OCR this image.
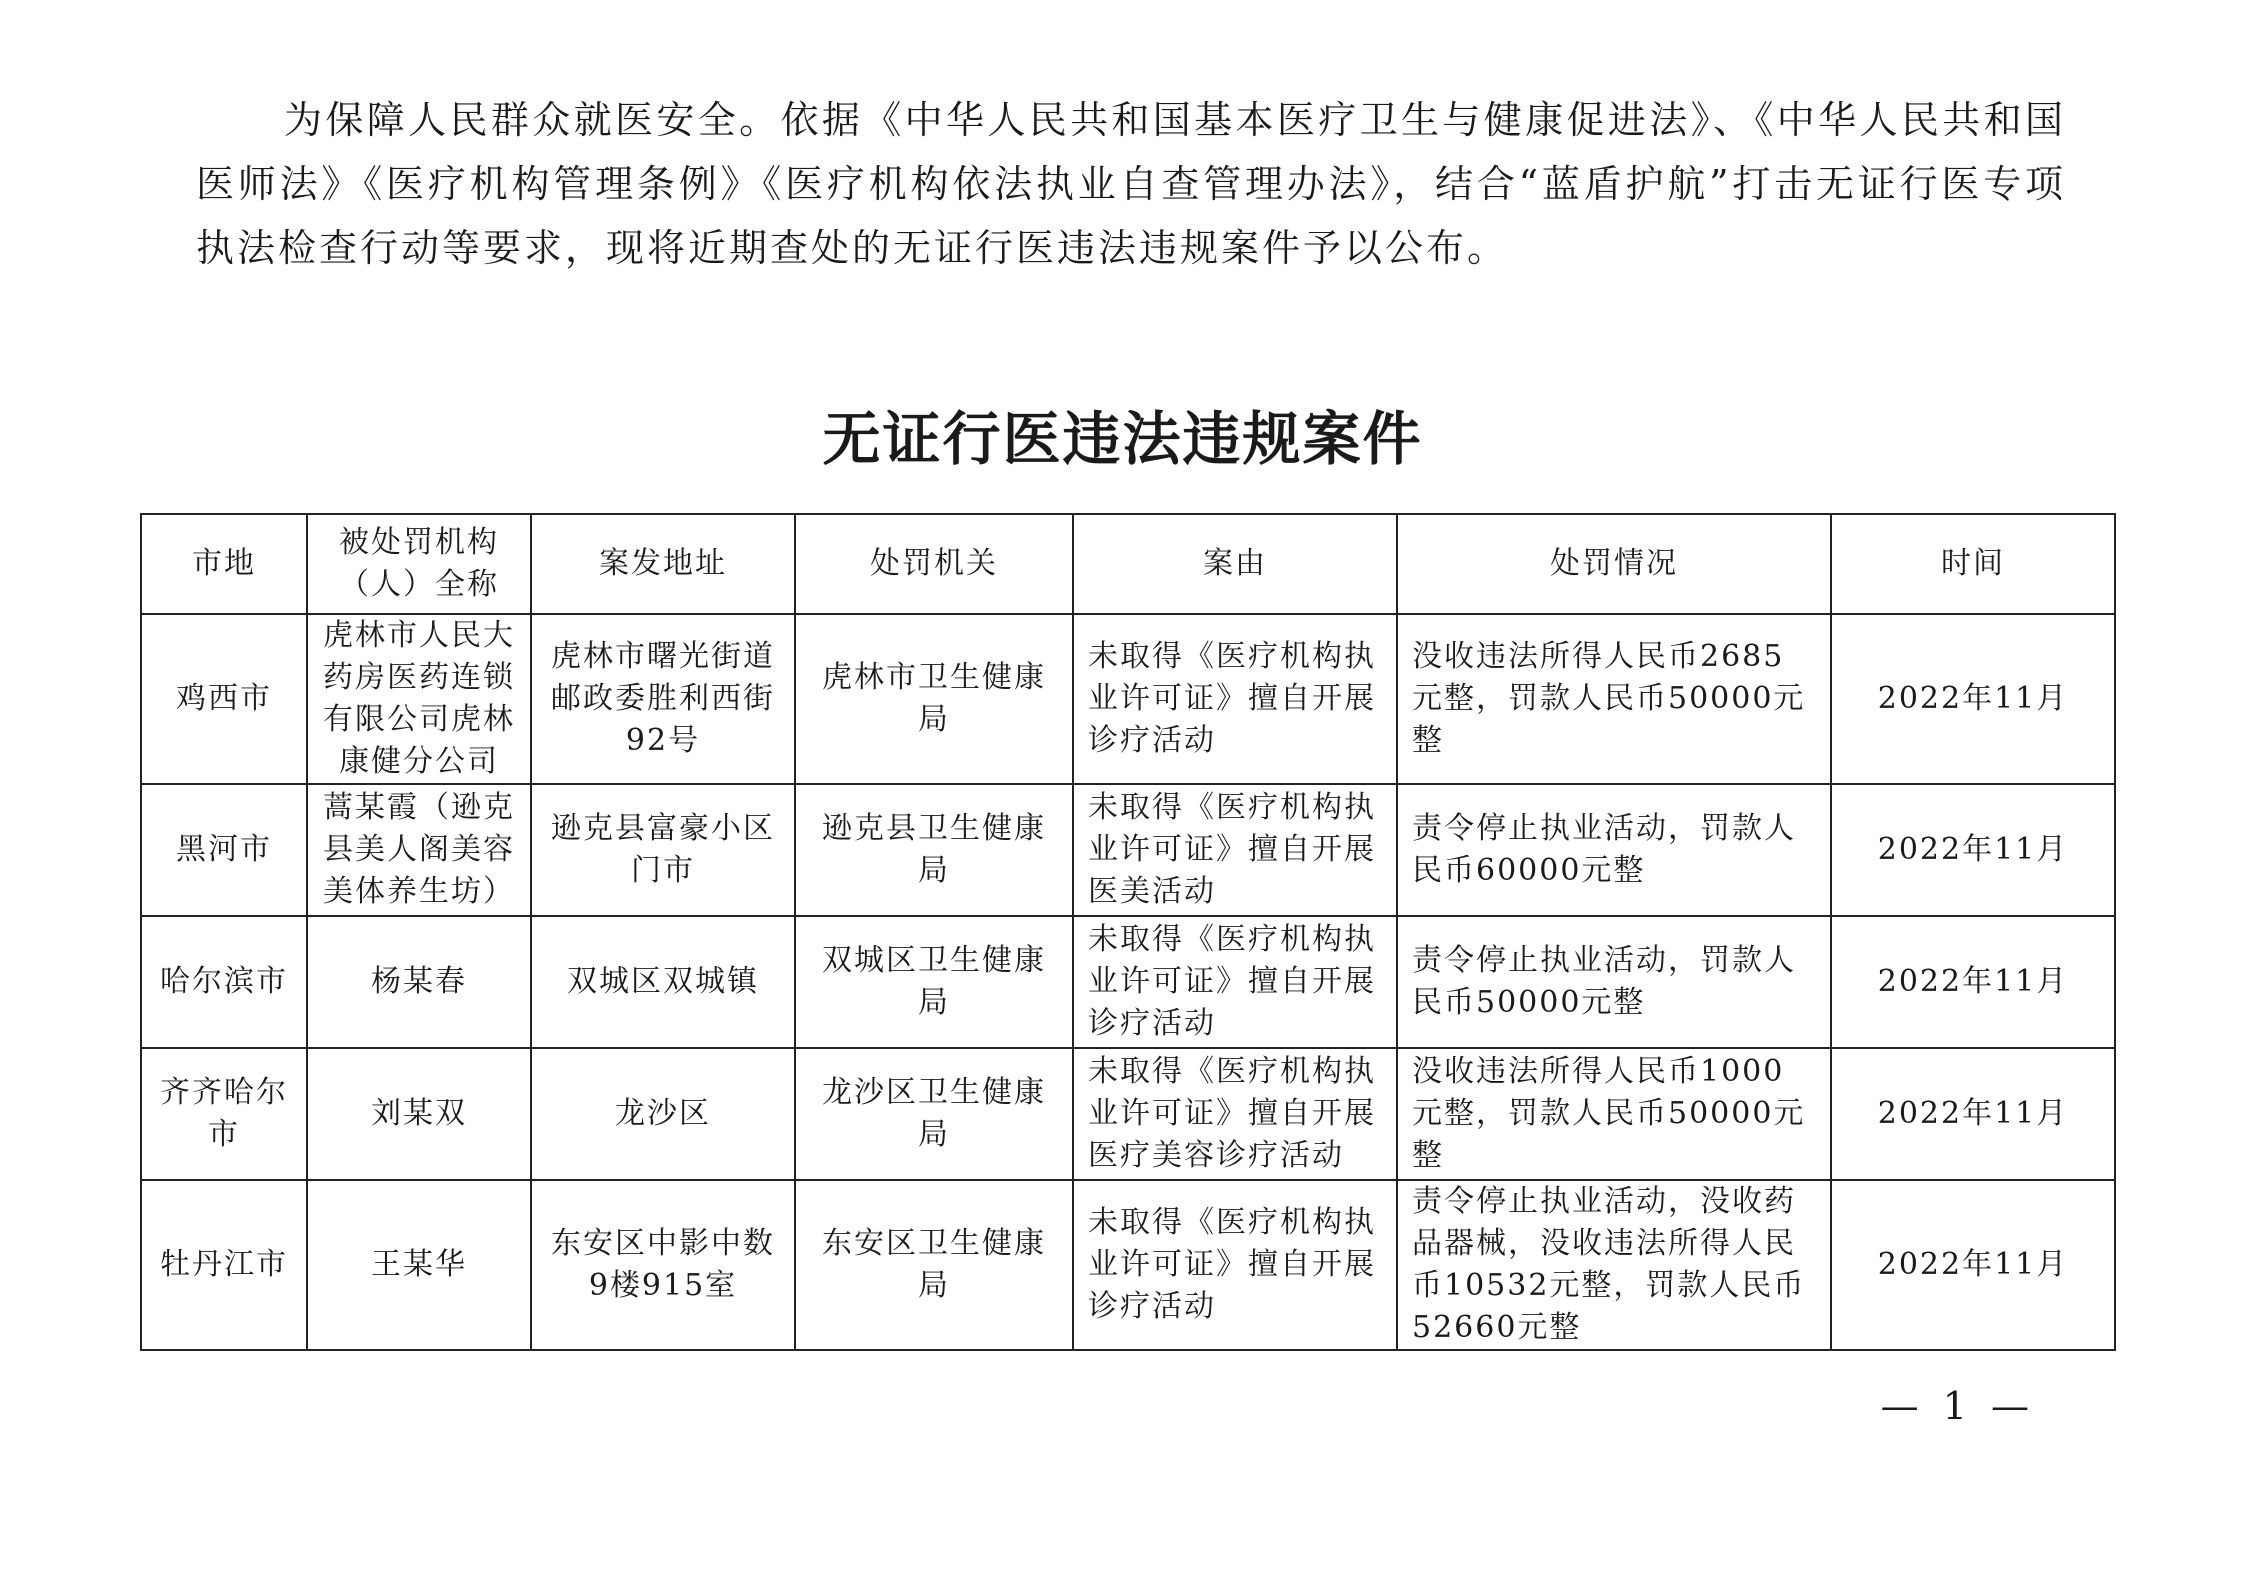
为保障人民群众就医安全。依据《中华人民共和国基本医疗卫生与健康促进法》、《中华人民共和国医师法》《医疗机构管理条例》《医疗机构依法执业自查管理办法》，结合“蓝盾护航”打击无证行医专项执法检查行动等要求，现将近期查处的无证行医违法违规案件予以公布。

无证行医违法违规案件
市地	被处罚机构（人）全称	案发地址	处罚机关	案由	处罚情况	时间
鸡西市	虎林市人民大药房医药连锁有限公司虎林康健分公司	虎林市曙光街道邮政委胜利西街92号	虎林市卫生健康局	未取得《医疗机构执业许可证》擅自开展诊疗活动	没收违法所得人民币2685元整，罚款人民币50000元整	2022年11月
黑河市	蒿某霞（逊克县美人阁美容美体养生坊）	逊克县富豪小区门市	逊克县卫生健康局	未取得《医疗机构执业许可证》擅自开展医美活动	责令停止执业活动，罚款人民币60000元整	2022年11月
哈尔滨市	杨某春	双城区双城镇	双城区卫生健康局	未取得《医疗机构执业许可证》擅自开展诊疗活动	责令停止执业活动，罚款人民币50000元整	2022年11月
齐齐哈尔市	刘某双	龙沙区	龙沙区卫生健康局	未取得《医疗机构执业许可证》擅自开展医疗美容诊疗活动	没收违法所得人民币1000元整，罚款人民币50000元整	2022年11月
牡丹江市	王某华	东安区中影中数9楼915室	东安区卫生健康局	未取得《医疗机构执业许可证》擅自开展诊疗活动	责令停止执业活动，没收药品器械，没收违法所得人民币10532元整，罚款人民币52660元整	2022年11月
— 1 —
